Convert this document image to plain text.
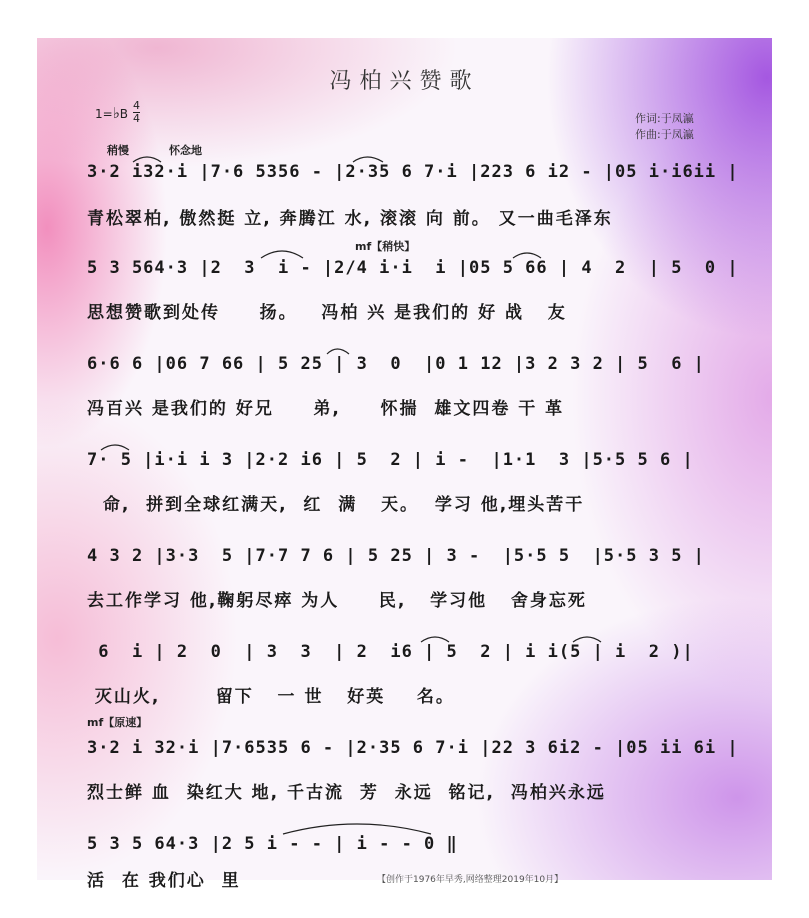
冯柏兴赞歌
1=♭B
4
4	作词:于凤瀛
作曲:于凤瀛
稍慢	怀念地
mf【稍快】
mf【原速】
3·2 i32·i |7·6 5356 - |2·35 6 7·i |223 6 i2 - |05 i·i6ii |
青松翠柏, 傲然挺 立, 奔腾江 水, 滚滚 向 前。 又一曲毛泽东
5 3 564·3 |2  3  i - |2/4 i·i  i |05 5 66 | 4  2  | 5  0 |
思想赞歌到处传     扬。   冯柏 兴 是我们的 好 战   友
6·6 6 |06 7 66 | 5 25 | 3  0  |0 1 12 |3 2 3 2 | 5  6 |
冯百兴 是我们的 好兄     弟,     怀揣  雄文四卷 干 革
7· 5 |i·i i 3 |2·2 i6 | 5  2 | i -  |1·1  3 |5·5 5 6 |
命,  拼到全球红满天,  红  满   天。  学习 他,埋头苦干
4 3 2 |3·3  5 |7·7 7 6 | 5 25 | 3 -  |5·5 5  |5·5 3 5 |
去工作学习 他,鞠躬尽瘁 为人     民,   学习他   舍身忘死
6  i | 2  0  | 3  3  | 2  i6 | 5  2 | i i(5 | i  2 )|
灭山火,       留下   一 世   好英    名。
3·2 i 32·i |7·6535 6 - |2·35 6 7·i |22 3 6i2 - |05 ii 6i |
烈士鲜 血  染红大 地, 千古流  芳  永远  铭记,  冯柏兴永远
5 3 5 64·3 |2 5 i - - | i - - 0 ‖
活  在 我们心  里	【创作于1976年早秀,网络整理2019年10月】
